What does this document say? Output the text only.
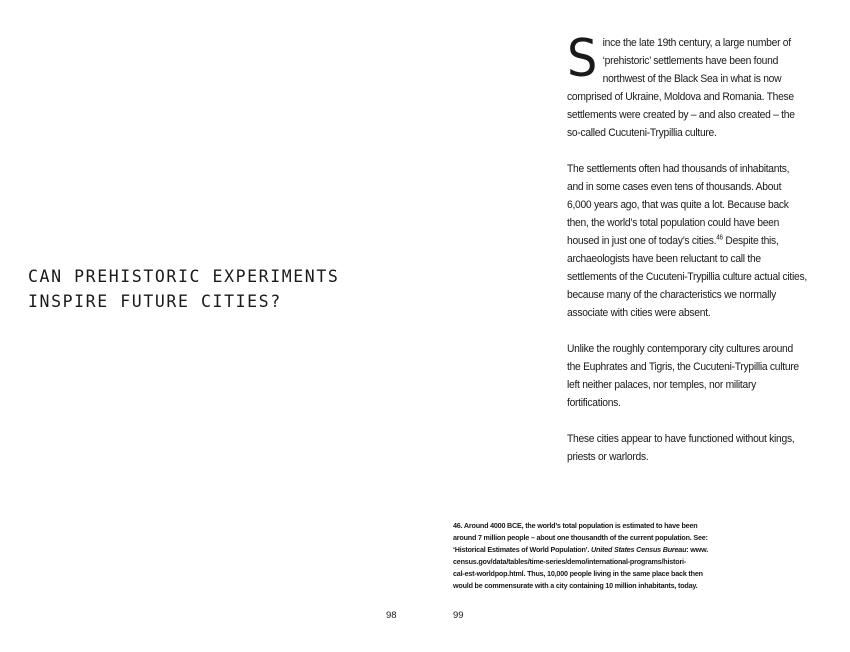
CAN PREHISTORIC EXPERIMENTS
INSPIRE FUTURE CITIES?
98

Since the late 19th century, a large number of ‘prehistoric’ settlements have been found northwest of the Black Sea in what is now comprised of Ukraine, Moldova and Romania. These settlements were created by – and also created – the so-called Cucuteni-Trypillia culture.

The settlements often had thousands of inhabitants, and in some cases even tens of thousands. About 6,000 years ago, that was quite a lot. Because back then, the world’s total population could have been housed in just one of today’s cities.$^{46}$ Despite this, archaeologists have been reluctant to call the settlements of the Cucuteni-Trypillia culture actual cities, because many of the characteristics we normally associate with cities were absent.

Unlike the roughly contemporary city cultures around the Euphrates and Tigris, the Cucuteni-Trypillia culture left neither palaces, nor temples, nor military fortifications.

These cities appear to have functioned without kings, priests or warlords.

46. Around 4000 BCE, the world’s total population is estimated to have been
around 7 million people – about one thousandth of the current population. See:
‘Historical Estimates of World Population’. United States Census Bureau: www.
census.gov/data/tables/time-series/demo/international-programs/histori-
cal-est-worldpop.html. Thus, 10,000 people living in the same place back then
would be commensurate with a city containing 10 million inhabitants, today.
99
